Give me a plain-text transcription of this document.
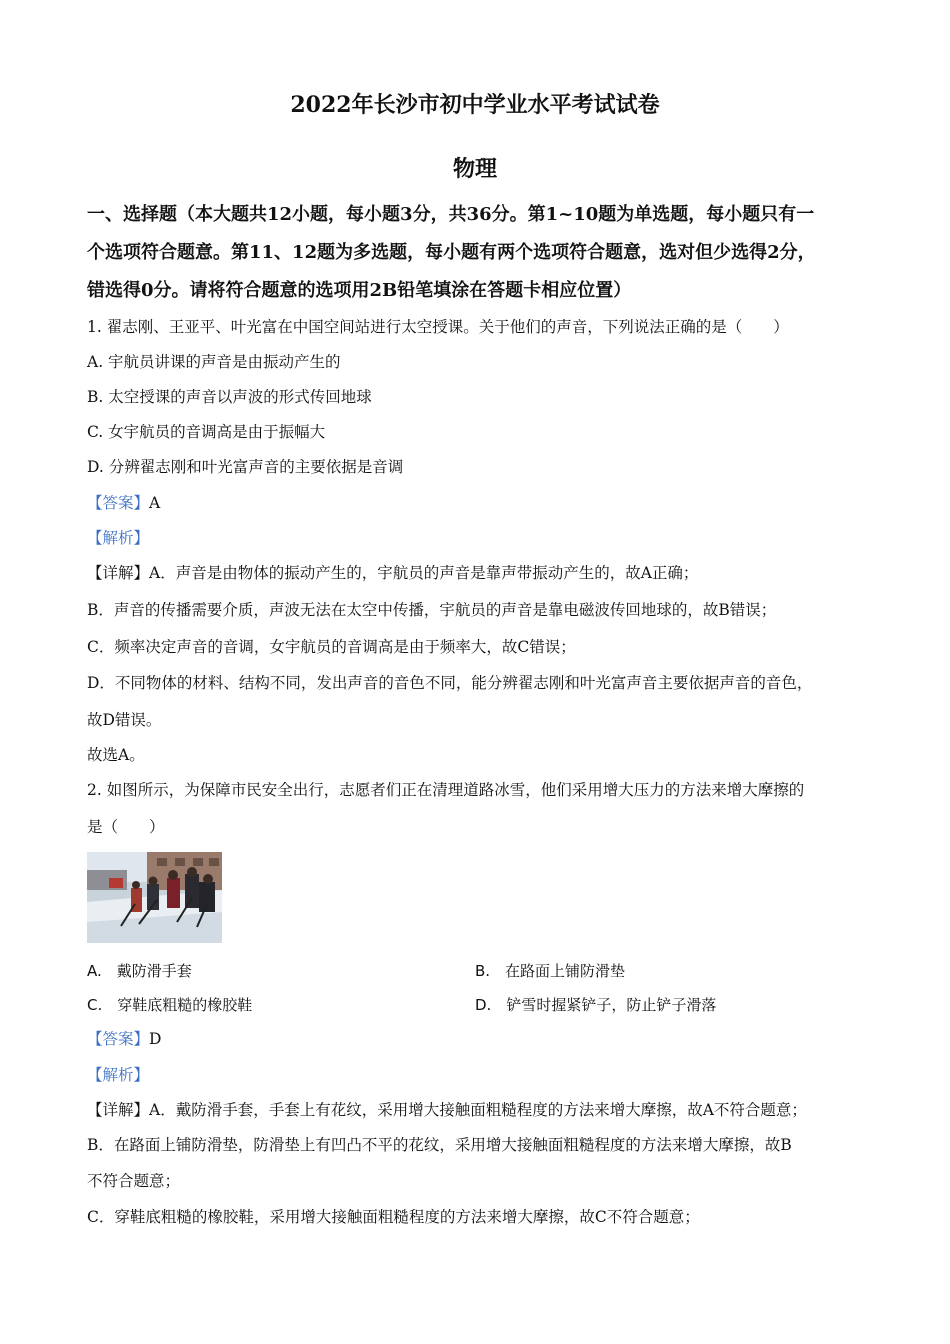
2022年长沙市初中学业水平考试试卷
物理
一、选择题（本大题共12小题，每小题3分，共36分。第1~10题为单选题，每小题只有一
个选项符合题意。第11、12题为多选题，每小题有两个选项符合题意，选对但少选得2分，
错选得0分。请将符合题意的选项用2B铅笔填涂在答题卡相应位置）
1. 翟志刚、王亚平、叶光富在中国空间站进行太空授课。关于他们的声音，下列说法正确的是（　　）
A. 宇航员讲课的声音是由振动产生的
B. 太空授课的声音以声波的形式传回地球
C. 女宇航员的音调高是由于振幅大
D. 分辨翟志刚和叶光富声音的主要依据是音调
【答案】A
【解析】
【详解】A．声音是由物体的振动产生的，宇航员的声音是靠声带振动产生的，故A正确；
B．声音的传播需要介质，声波无法在太空中传播，宇航员的声音是靠电磁波传回地球的，故B错误；
C．频率决定声音的音调，女宇航员的音调高是由于频率大，故C错误；
D．不同物体的材料、结构不同，发出声音的音色不同，能分辨翟志刚和叶光富声音主要依据声音的音色，
故D错误。
故选A。
2. 如图所示，为保障市民安全出行，志愿者们正在清理道路冰雪，他们采用增大压力的方法来增大摩擦的
是（　　）
A.　戴防滑手套	B.　在路面上铺防滑垫
C.　穿鞋底粗糙的橡胶鞋	D.　铲雪时握紧铲子，防止铲子滑落
【答案】D
【解析】
【详解】A．戴防滑手套，手套上有花纹，采用增大接触面粗糙程度的方法来增大摩擦，故A不符合题意；
B．在路面上铺防滑垫，防滑垫上有凹凸不平的花纹，采用增大接触面粗糙程度的方法来增大摩擦，故B
不符合题意；
C．穿鞋底粗糙的橡胶鞋，采用增大接触面粗糙程度的方法来增大摩擦，故C不符合题意；
